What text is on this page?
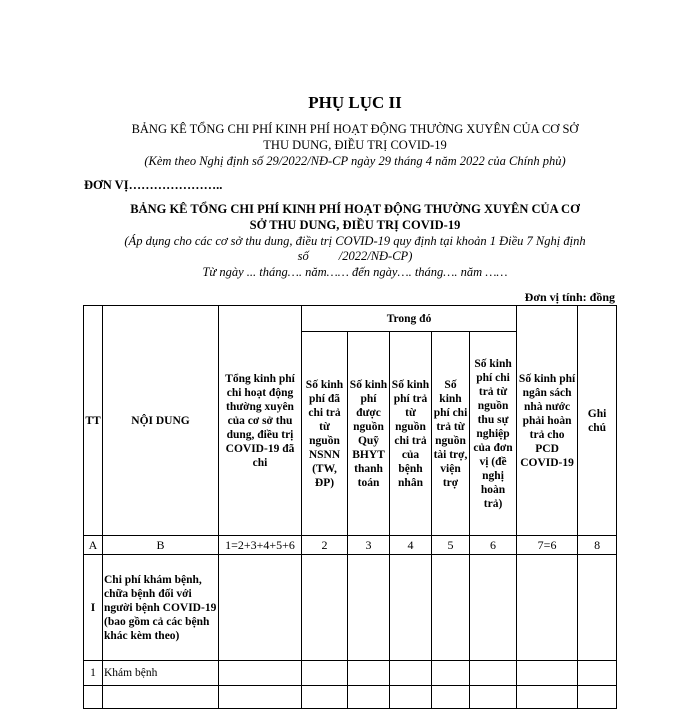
PHỤ LỤC II
BẢNG KÊ TỔNG CHI PHÍ KINH PHÍ HOẠT ĐỘNG THƯỜNG XUYÊN CỦA CƠ SỞ
THU DUNG, ĐIỀU TRỊ COVID-19
(Kèm theo Nghị định số 29/2022/NĐ-CP ngày 29 tháng 4 năm 2022 của Chính phủ)
ĐƠN VỊ…………………..
BẢNG KÊ TỔNG CHI PHÍ KINH PHÍ HOẠT ĐỘNG THƯỜNG XUYÊN CỦA CƠ
SỞ THU DUNG, ĐIỀU TRỊ COVID-19
(Áp dụng cho các cơ sở thu dung, điều trị COVID-19 quy định tại khoản 1 Điều 7 Nghị định
số /2022/NĐ-CP)
Từ ngày ... tháng…. năm…… đến ngày…. tháng…. năm ……
Đơn vị tính: đồng
TT	NỘI DUNG	Tổng kinh phí chi hoạt động thường xuyên của cơ sở thu dung, điều trị COVID-19 đã chi	Trong đó					Số kinh phí ngân sách nhà nước phải hoàn trả cho PCD COVID-19	Ghi chú
			Số kinh phí đã chi trả từ nguồn NSNN (TW, ĐP)	Số kinh phí được nguồn Quỹ BHYT thanh toán	Số kinh phí trả từ nguồn chi trả của bệnh nhân	Số kinh phí chi trả từ nguồn tài trợ, viện trợ	Số kinh phí chi trả từ nguồn thu sự nghiệp của đơn vị (đề nghị hoàn trả)		
A	B	1=2+3+4+5+6	2	3	4	5	6	7=6	8
I	Chi phí khám bệnh, chữa bệnh đối với người bệnh COVID-19 (bao gồm cả các bệnh khác kèm theo)								
1	Khám bệnh								
